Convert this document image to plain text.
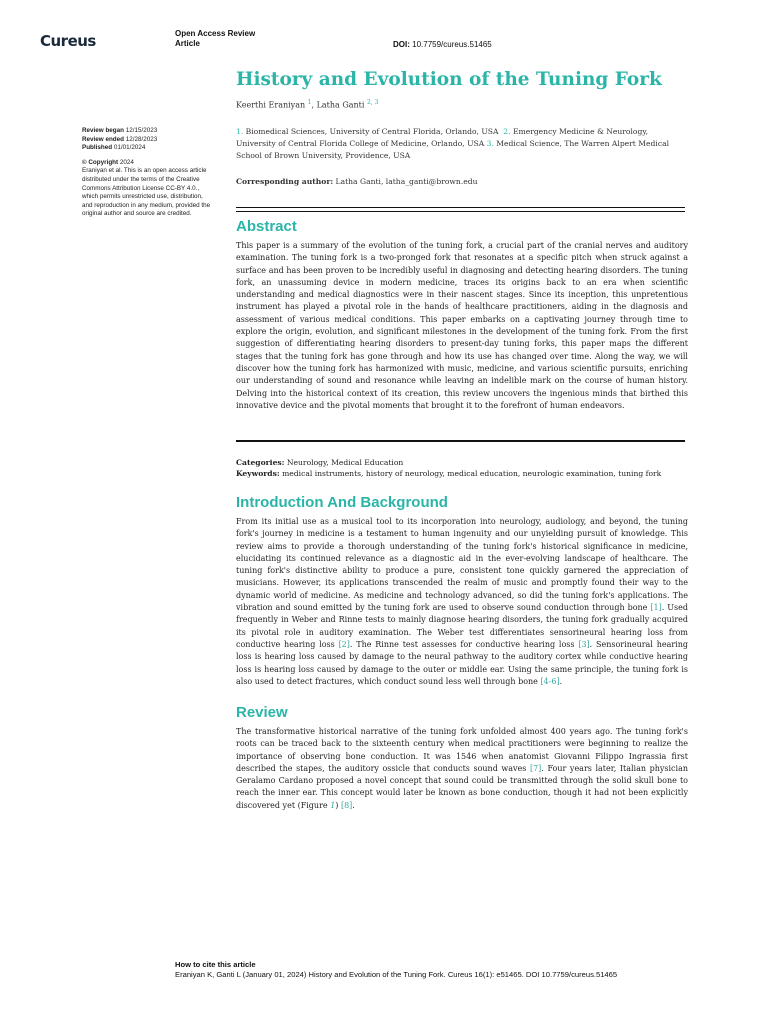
Cureus	Open Access Review
Article	DOI: 10.7759/cureus.51465
Review began 12/15/2023
Review ended 12/28/2023
Published 01/01/2024
© Copyright 2024
Eraniyan et al. This is an open access article distributed under the terms of the Creative Commons Attribution License CC-BY 4.0., which permits unrestricted use, distribution, and reproduction in any medium, provided the original author and source are credited.
History and Evolution of the Tuning Fork
Keerthi Eraniyan $^1$, Latha Ganti $^{2, 3}$
1. Biomedical Sciences, University of Central Florida, Orlando, USA 2. Emergency Medicine & Neurology, University of Central Florida College of Medicine, Orlando, USA 3. Medical Science, The Warren Alpert Medical School of Brown University, Providence, USA
Corresponding author: Latha Ganti, latha_ganti@brown.edu
Abstract
This paper is a summary of the evolution of the tuning fork, a crucial part of the cranial nerves and auditory examination. The tuning fork is a two-pronged fork that resonates at a specific pitch when struck against a surface and has been proven to be incredibly useful in diagnosing and detecting hearing disorders. The tuning fork, an unassuming device in modern medicine, traces its origins back to an era when scientific understanding and medical diagnostics were in their nascent stages. Since its inception, this unpretentious instrument has played a pivotal role in the hands of healthcare practitioners, aiding in the diagnosis and assessment of various medical conditions. This paper embarks on a captivating journey through time to explore the origin, evolution, and significant milestones in the development of the tuning fork. From the first suggestion of differentiating hearing disorders to present-day tuning forks, this paper maps the different stages that the tuning fork has gone through and how its use has changed over time. Along the way, we will discover how the tuning fork has harmonized with music, medicine, and various scientific pursuits, enriching our understanding of sound and resonance while leaving an indelible mark on the course of human history. Delving into the historical context of its creation, this review uncovers the ingenious minds that birthed this innovative device and the pivotal moments that brought it to the forefront of human endeavors.
Categories: Neurology, Medical Education
Keywords: medical instruments, history of neurology, medical education, neurologic examination, tuning fork
Introduction And Background
From its initial use as a musical tool to its incorporation into neurology, audiology, and beyond, the tuning fork's journey in medicine is a testament to human ingenuity and our unyielding pursuit of knowledge. This review aims to provide a thorough understanding of the tuning fork's historical significance in medicine, elucidating its continued relevance as a diagnostic aid in the ever-evolving landscape of healthcare. The tuning fork's distinctive ability to produce a pure, consistent tone quickly garnered the appreciation of musicians. However, its applications transcended the realm of music and promptly found their way to the dynamic world of medicine. As medicine and technology advanced, so did the tuning fork's applications. The vibration and sound emitted by the tuning fork are used to observe sound conduction through bone [1]. Used frequently in Weber and Rinne tests to mainly diagnose hearing disorders, the tuning fork gradually acquired its pivotal role in auditory examination. The Weber test differentiates sensorineural hearing loss from conductive hearing loss [2]. The Rinne test assesses for conductive hearing loss [3]. Sensorineural hearing loss is hearing loss caused by damage to the neural pathway to the auditory cortex while conductive hearing loss is hearing loss caused by damage to the outer or middle ear. Using the same principle, the tuning fork is also used to detect fractures, which conduct sound less well through bone [4-6].
Review
The transformative historical narrative of the tuning fork unfolded almost 400 years ago. The tuning fork's roots can be traced back to the sixteenth century when medical practitioners were beginning to realize the importance of observing bone conduction. It was 1546 when anatomist Giovanni Filippo Ingrassia first described the stapes, the auditory ossicle that conducts sound waves [7]. Four years later, Italian physician Geralamo Cardano proposed a novel concept that sound could be transmitted through the solid skull bone to reach the inner ear. This concept would later be known as bone conduction, though it had not been explicitly discovered yet (Figure 1) [8].
How to cite this article
Eraniyan K, Ganti L (January 01, 2024) History and Evolution of the Tuning Fork. Cureus 16(1): e51465. DOI 10.7759/cureus.51465
